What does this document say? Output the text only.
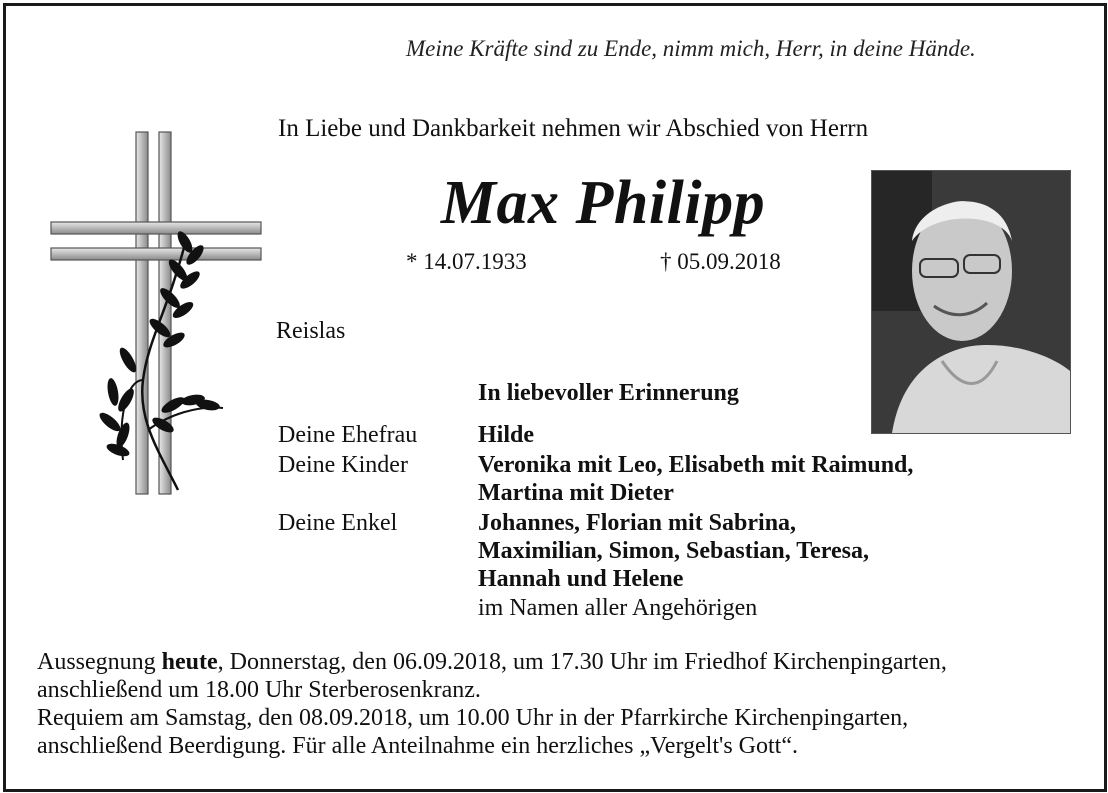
Meine Kräfte sind zu Ende, nimm mich, Herr, in deine Hände.
In Liebe und Dankbarkeit nehmen wir Abschied von Herrn
Max Philipp
* 14.07.1933	† 05.09.2018
Reislas
In liebevoller Erinnerung
Deine Ehefrau	Hilde
Deine Kinder	Veronika mit Leo, Elisabeth mit Raimund,
Martina mit Dieter
Deine Enkel	Johannes, Florian mit Sabrina,
Maximilian, Simon, Sebastian, Teresa,
Hannah und Helene
im Namen aller Angehörigen
Aussegnung heute, Donnerstag, den 06.09.2018, um 17.30 Uhr im Friedhof Kirchenpingarten,
anschließend um 18.00 Uhr Sterberosenkranz.
Requiem am Samstag, den 08.09.2018, um 10.00 Uhr in der Pfarrkirche Kirchenpingarten,
anschließend Beerdigung. Für alle Anteilnahme ein herzliches „Vergelt's Gott“.
